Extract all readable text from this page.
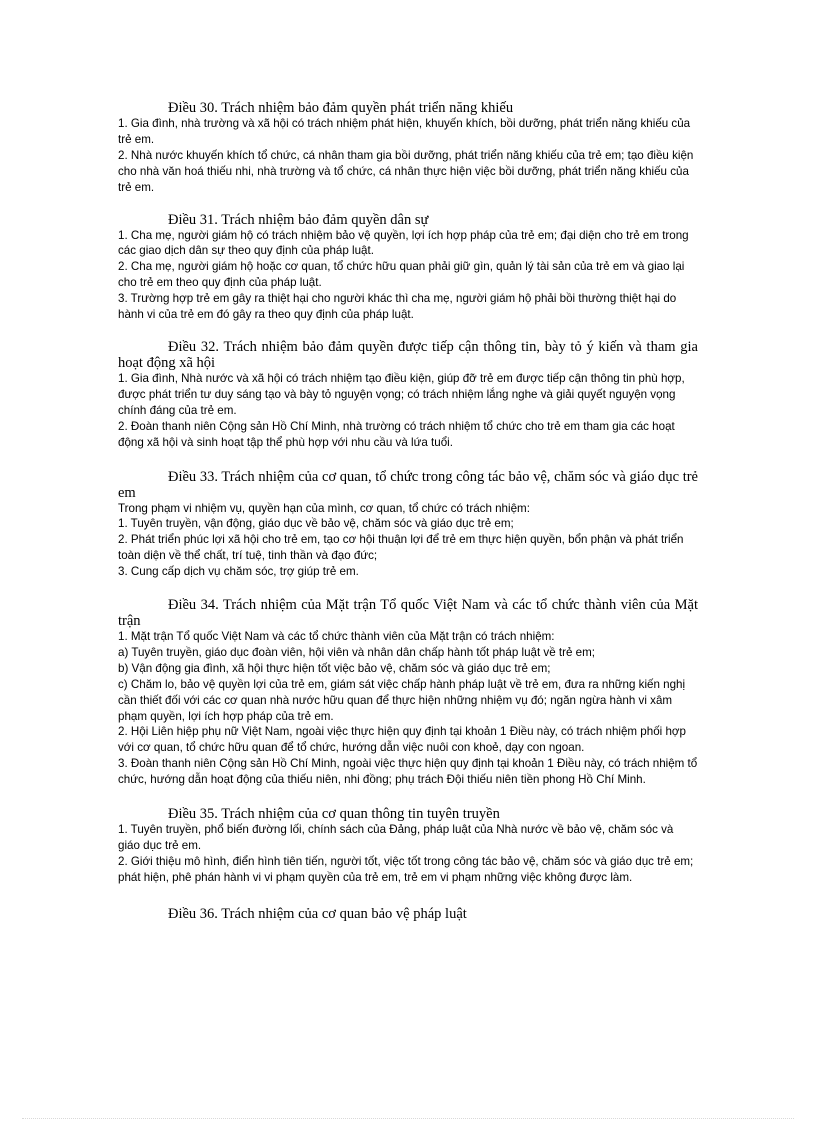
Điều 30. Trách nhiệm bảo đảm quyền phát triển năng khiếu

1. Gia đình, nhà trường và xã hội có trách nhiệm phát hiện, khuyến khích, bồi dưỡng, phát triển năng khiếu của trẻ em.

2. Nhà nước khuyến khích tổ chức, cá nhân tham gia bồi dưỡng, phát triển năng khiếu của trẻ em; tạo điều kiện cho nhà văn hoá thiếu nhi, nhà trường và tổ chức, cá nhân thực hiện việc bồi dưỡng, phát triển năng khiếu của trẻ em.

Điều 31. Trách nhiệm bảo đảm quyền dân sự

1. Cha mẹ, người giám hộ có trách nhiệm bảo vệ quyền, lợi ích hợp pháp của trẻ em; đại diện cho trẻ em trong các giao dịch dân sự theo quy định của pháp luật.

2. Cha mẹ, người giám hộ hoặc cơ quan, tổ chức hữu quan phải giữ gìn, quản lý tài sản của trẻ em và giao lại cho trẻ em theo quy định của pháp luật.

3. Trường hợp trẻ em gây ra thiệt hại cho người khác thì cha mẹ, người giám hộ phải bồi thường thiệt hại do hành vi của trẻ em đó gây ra theo quy định của pháp luật.

Điều 32. Trách nhiệm bảo đảm quyền được tiếp cận thông tin, bày tỏ ý kiến và tham gia hoạt động xã hội

1. Gia đình, Nhà nước và xã hội có trách nhiệm tạo điều kiện, giúp đỡ trẻ em được tiếp cận thông tin phù hợp, được phát triển tư duy sáng tạo và bày tỏ nguyện vọng; có trách nhiệm lắng nghe và giải quyết nguyện vọng chính đáng của trẻ em.

2. Đoàn thanh niên Cộng sản Hồ Chí Minh, nhà trường có trách nhiệm tổ chức cho trẻ em tham gia các hoạt động xã hội và sinh hoạt tập thể phù hợp với nhu cầu và lứa tuổi.

Điều 33. Trách nhiệm của cơ quan, tổ chức trong công tác bảo vệ, chăm sóc và giáo dục trẻ em

Trong phạm vi nhiệm vụ, quyền hạn của mình, cơ quan, tổ chức có trách nhiệm:

1. Tuyên truyền, vận động, giáo dục về bảo vệ, chăm sóc và giáo dục trẻ em;

2. Phát triển phúc lợi xã hội cho trẻ em, tạo cơ hội thuận lợi để trẻ em thực hiện quyền, bổn phận và phát triển toàn diện về thể chất, trí tuệ, tinh thần và đạo đức;

3. Cung cấp dịch vụ chăm sóc, trợ giúp trẻ em.

Điều 34. Trách nhiệm của Mặt trận Tổ quốc Việt Nam và các tổ chức thành viên của Mặt trận

1. Mặt trận Tổ quốc Việt Nam và các tổ chức thành viên của Mặt trận có trách nhiệm:

a) Tuyên truyền, giáo dục đoàn viên, hội viên và nhân dân chấp hành tốt pháp luật về trẻ em;

b) Vận động gia đình, xã hội thực hiện tốt việc bảo vệ, chăm sóc và giáo dục trẻ em;

c) Chăm lo, bảo vệ quyền lợi của trẻ em, giám sát việc chấp hành pháp luật về trẻ em, đưa ra những kiến nghị cần thiết đối với các cơ quan nhà nước hữu quan để thực hiện những nhiệm vụ đó; ngăn ngừa hành vi xâm phạm quyền, lợi ích hợp pháp của trẻ em.

2. Hội Liên hiệp phụ nữ Việt Nam, ngoài việc thực hiện quy định tại khoản 1 Điều này, có trách nhiệm phối hợp với cơ quan, tổ chức hữu quan để tổ chức, hướng dẫn việc nuôi con khoẻ, dạy con ngoan.

3. Đoàn thanh niên Cộng sản Hồ Chí Minh, ngoài việc thực hiện quy định tại khoản 1 Điều này, có trách nhiệm tổ chức, hướng dẫn hoạt động của thiếu niên, nhi đồng; phụ trách Đội thiếu niên tiền phong Hồ Chí Minh.

Điều 35. Trách nhiệm của cơ quan thông tin tuyên truyền

1. Tuyên truyền, phổ biến đường lối, chính sách của Đảng, pháp luật của Nhà nước về bảo vệ, chăm sóc và giáo dục trẻ em.

2. Giới thiệu mô hình, điển hình tiên tiến, người tốt, việc tốt trong công tác bảo vệ, chăm sóc và giáo dục trẻ em; phát hiện, phê phán hành vi vi phạm quyền của trẻ em, trẻ em vi phạm những việc không được làm.

Điều 36. Trách nhiệm của cơ quan bảo vệ pháp luật
